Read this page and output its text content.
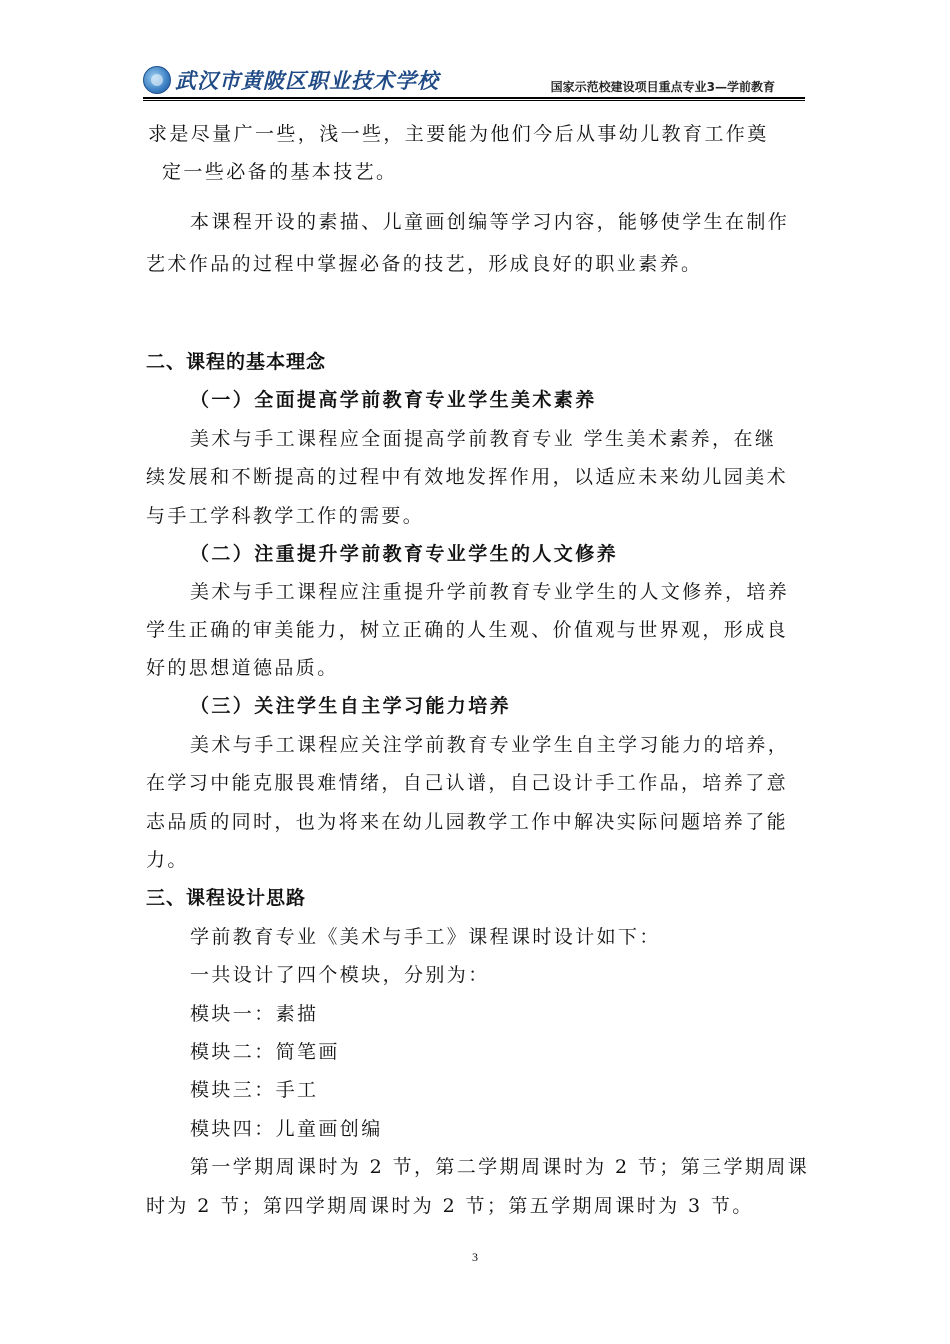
武汉市黄陂区职业技术学校	国家示范校建设项目重点专业3—学前教育
求是尽量广一些，浅一些，主要能为他们今后从事幼儿教育工作奠
定一些必备的基本技艺。
本课程开设的素描、儿童画创编等学习内容，能够使学生在制作
艺术作品的过程中掌握必备的技艺，形成良好的职业素养。
二、课程的基本理念
（一）全面提高学前教育专业学生美术素养
美术与手工课程应全面提高学前教育专业 学生美术素养，在继
续发展和不断提高的过程中有效地发挥作用，以适应未来幼儿园美术
与手工学科教学工作的需要。
（二）注重提升学前教育专业学生的人文修养
美术与手工课程应注重提升学前教育专业学生的人文修养，培养
学生正确的审美能力，树立正确的人生观、价值观与世界观，形成良
好的思想道德品质。
（三）关注学生自主学习能力培养
美术与手工课程应关注学前教育专业学生自主学习能力的培养，
在学习中能克服畏难情绪，自己认谱，自己设计手工作品，培养了意
志品质的同时，也为将来在幼儿园教学工作中解决实际问题培养了能
力。
三、课程设计思路
学前教育专业《美术与手工》课程课时设计如下：
一共设计了四个模块，分别为：
模块一：素描
模块二：简笔画
模块三：手工
模块四：儿童画创编
第一学期周课时为 2 节，第二学期周课时为 2 节；第三学期周课
时为 2 节；第四学期周课时为 2 节；第五学期周课时为 3 节。
3
